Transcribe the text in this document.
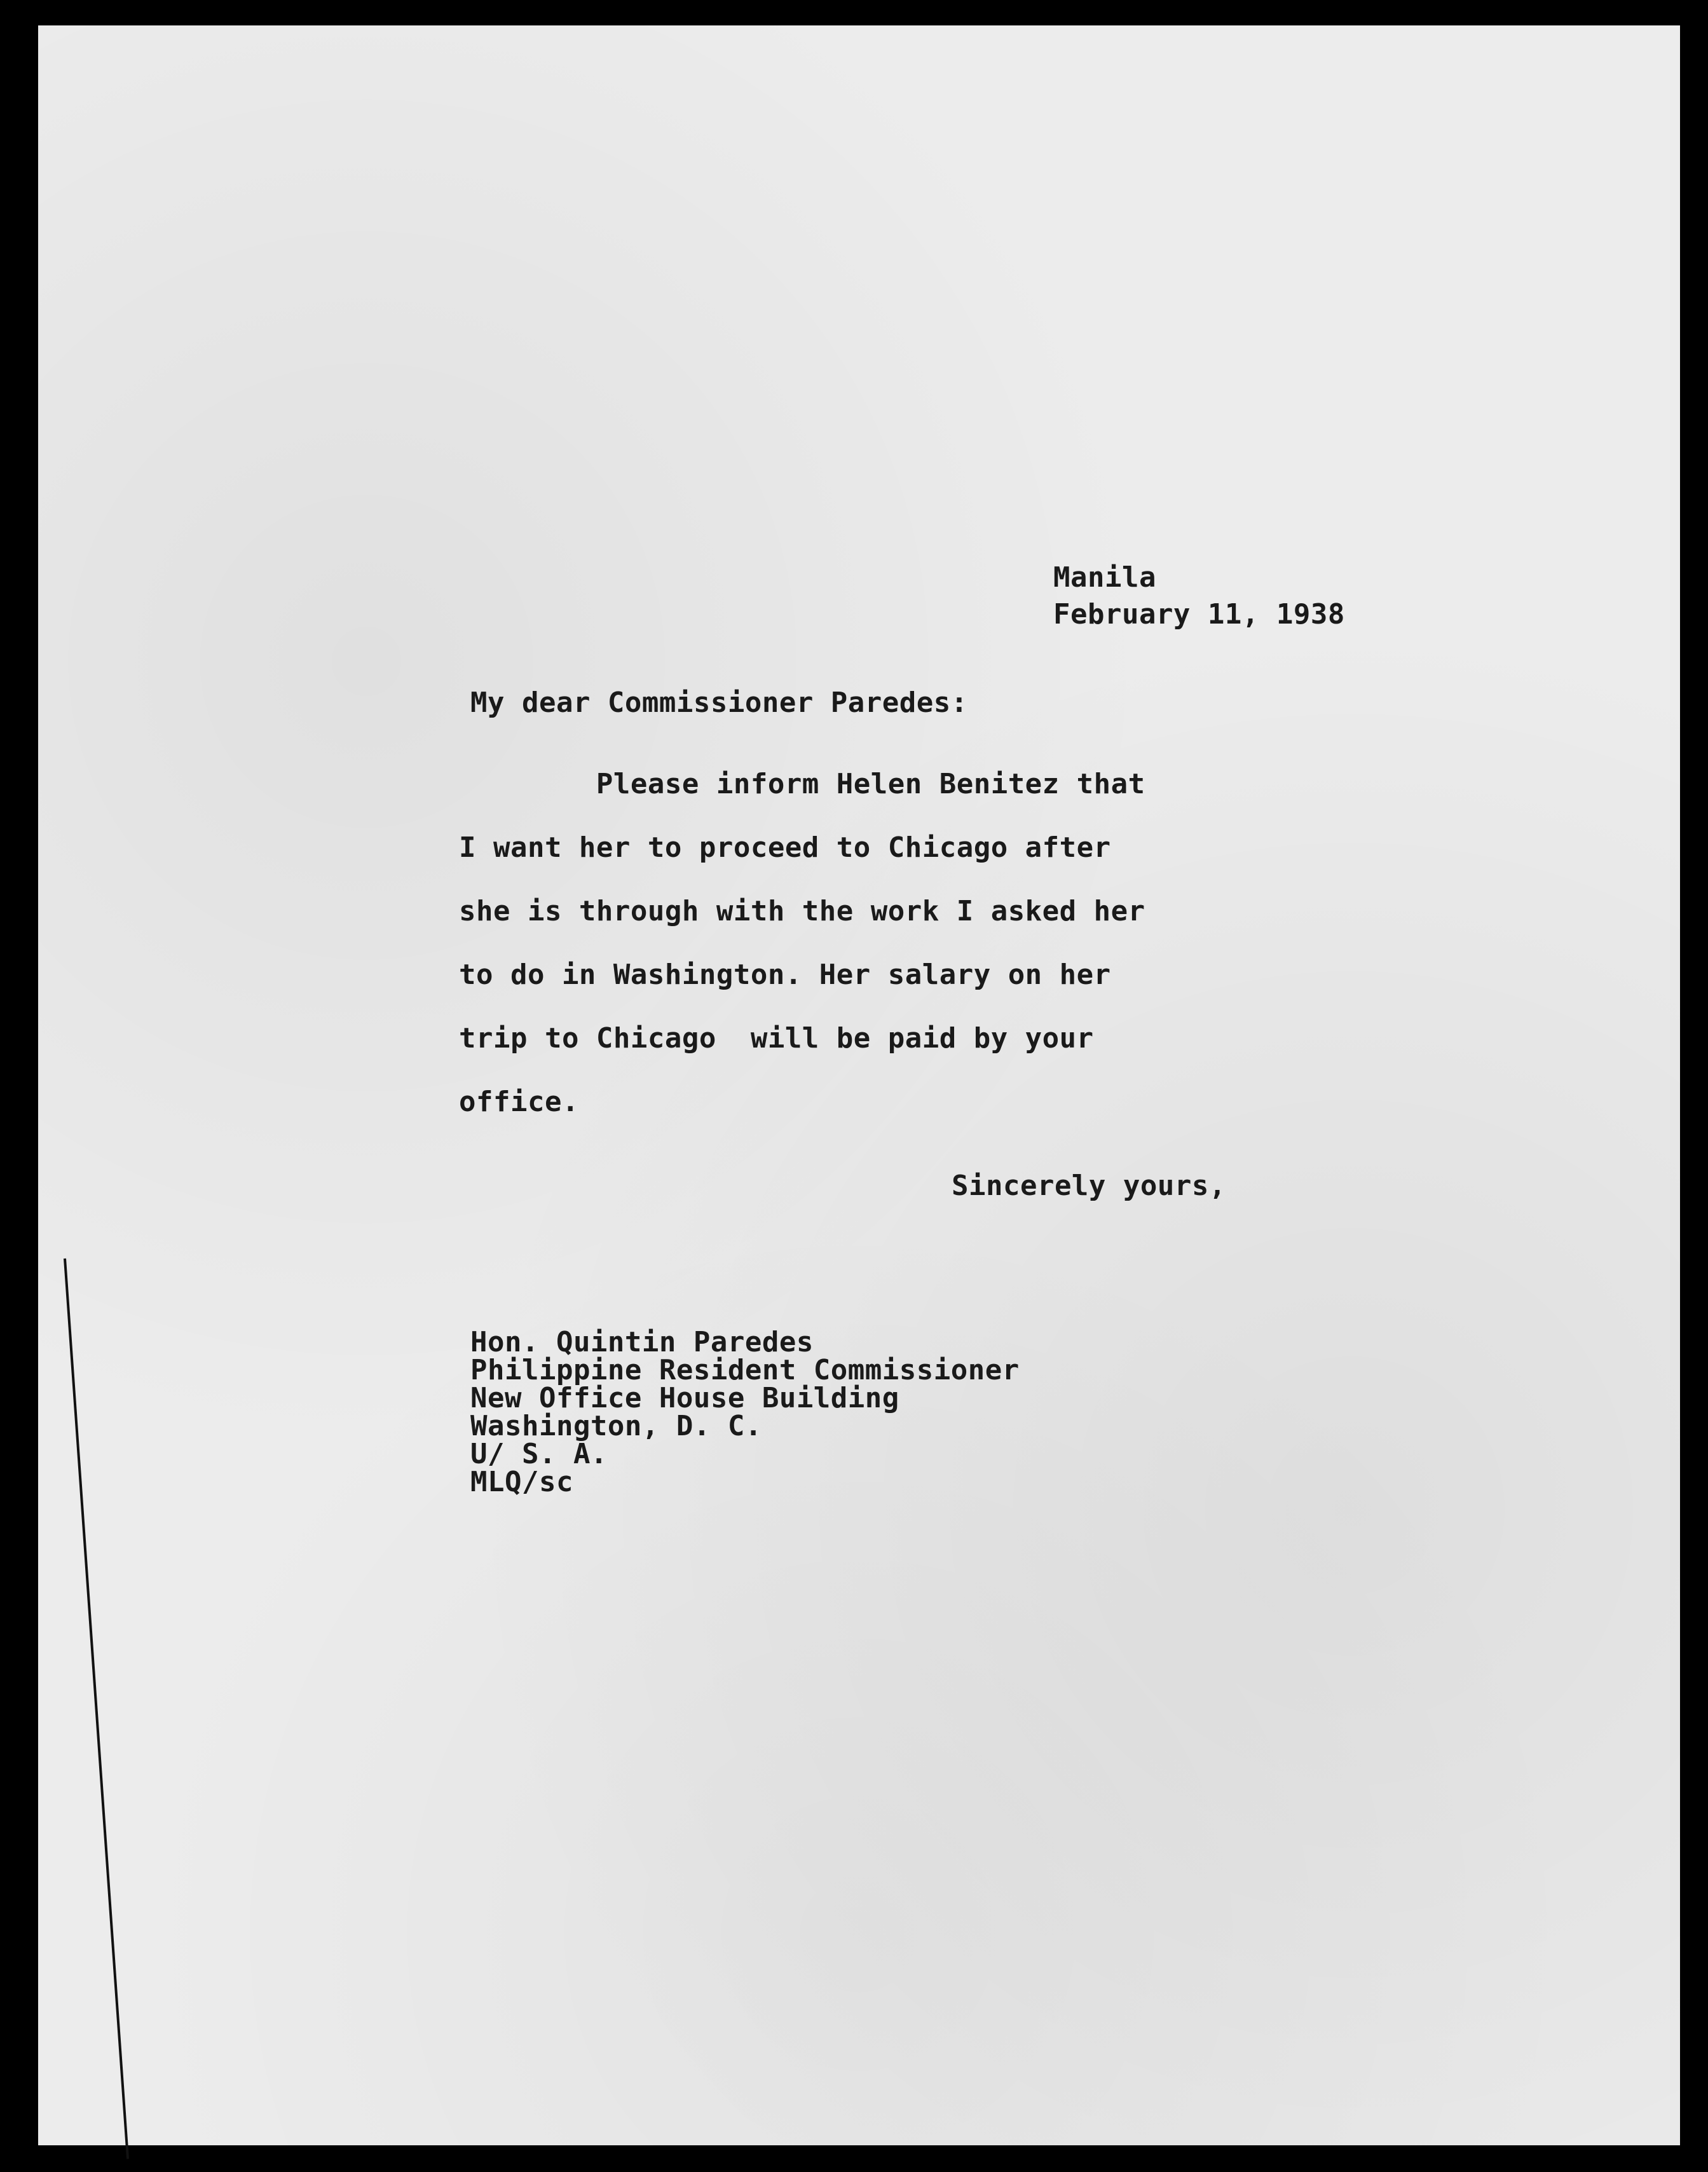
Manila
February 11, 1938
My dear Commissioner Paredes:
Please inform Helen Benitez that
I want her to proceed to Chicago after
she is through with the work I asked her
to do in Washington. Her salary on her
trip to Chicago  will be paid by your
office.
Sincerely yours,
Hon. Quintin Paredes
Philippine Resident Commissioner
New Office House Building
Washington, D. C.
U/ S. A.
MLQ/sc
